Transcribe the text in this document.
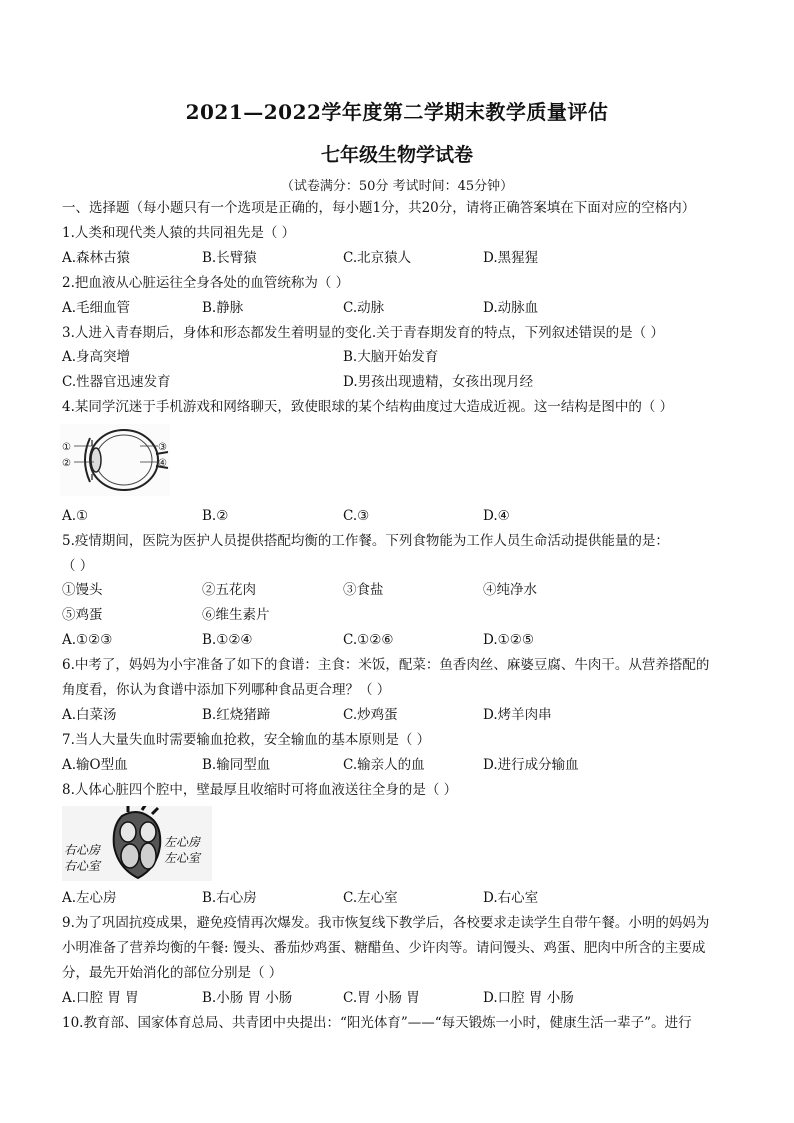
2021—2022学年度第二学期末教学质量评估
七年级生物学试卷
（试卷满分：50分 考试时间：45分钟）
一、选择题（每小题只有一个选项是正确的，每小题1分，共20分，请将正确答案填在下面对应的空格内）
1.人类和现代类人猿的共同祖先是（ ）
A.森林古猿	B.长臂猿	C.北京猿人	D.黑猩猩
2.把血液从心脏运往全身各处的血管统称为（ ）
A.毛细血管	B.静脉	C.动脉	D.动脉血
3.人进入青春期后，身体和形态都发生着明显的变化.关于青春期发育的特点，下列叙述错误的是（ ）
A.身高突增	B.大脑开始发育
C.性器官迅速发育	D.男孩出现遗精，女孩出现月经
4.某同学沉迷于手机游戏和网络聊天，致使眼球的某个结构曲度过大造成近视。这一结构是图中的（ ）
①
②
③
④
A.①	B.②	C.③	D.④
5.疫情期间，医院为医护人员提供搭配均衡的工作餐。下列食物能为工作人员生命活动提供能量的是：
（ ）
①馒头	②五花肉	③食盐	④纯净水
⑤鸡蛋	⑥维生素片
A.①②③	B.①②④	C.①②⑥	D.①②⑤
6.中考了，妈妈为小宇准备了如下的食谱：主食：米饭，配菜：鱼香肉丝、麻婆豆腐、牛肉干。从营养搭配的
角度看，你认为食谱中添加下列哪种食品更合理？（ ）
A.白菜汤	B.红烧猪蹄	C.炒鸡蛋	D.烤羊肉串
7.当人大量失血时需要输血抢救，安全输血的基本原则是（ ）
A.输O型血	B.输同型血	C.输亲人的血	D.进行成分输血
8.人体心脏四个腔中，壁最厚且收缩时可将血液送往全身的是（ ）
右心房
右心室
左心房
左心室
A.左心房	B.右心房	C.左心室	D.右心室
9.为了巩固抗疫成果，避免疫情再次爆发。我市恢复线下教学后，各校要求走读学生自带午餐。小明的妈妈为
小明准备了营养均衡的午餐: 馒头、番茄炒鸡蛋、糖醋鱼、少许肉等。请问馒头、鸡蛋、肥肉中所含的主要成
分，最先开始消化的部位分别是（ ）
A.口腔 胃 胃	B.小肠 胃 小肠	C.胃 小肠 胃	D.口腔 胃 小肠
10.教育部、国家体育总局、共青团中央提出：“阳光体育”——“每天锻炼一小时，健康生活一辈子”。进行
